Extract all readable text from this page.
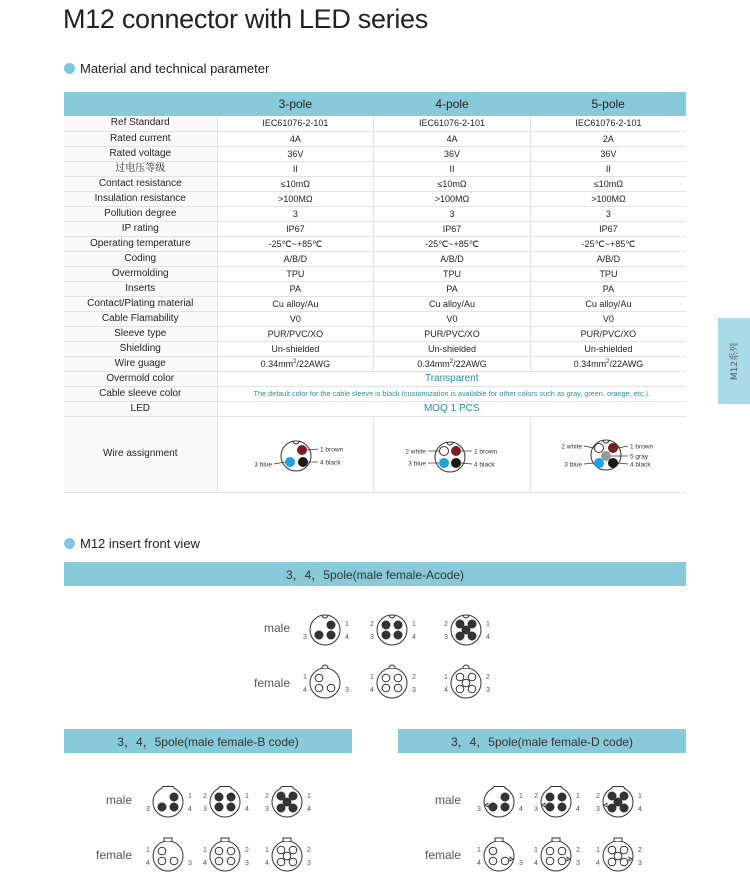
M12 connector with LED series
Material and technical parameter
	3-pole	4-pole	5-pole
Ref Standard	IEC61076-2-101	IEC61076-2-101	IEC61076-2-101
Rated current	4A	4A	2A
Rated voltage	36V	36V	36V
过电压等级	II	II	II
Contact resistance	≤10mΩ	≤10mΩ	≤10mΩ
Insulation resistance	>100MΩ	>100MΩ	>100MΩ
Pollution degree	3	3	3
IP rating	IP67	IP67	IP67
Operating temperature	-25℃~+85℃	-25℃~+85℃	-25℃~+85℃
Coding	A/B/D	A/B/D	A/B/D
Overmolding	TPU	TPU	TPU
Inserts	PA	PA	PA
Contact/Plating material	Cu alloy/Au	Cu alloy/Au	Cu alloy/Au
Cable Flamability	V0	V0	V0
Sleeve type	PUR/PVC/XO	PUR/PVC/XO	PUR/PVC/XO
Shielding	Un-shielded	Un-shielded	Un-shielded
Wire guage	$0.34mm^2/22AWG$	$0.34mm^2/22AWG$	$0.34mm^2/22AWG$
Overmold color	Transparent		
Cable sleeve color	The default color for the cable sleeve is black (customization is available for other colors such as gray, green, orange, etc.).		
LED	MOQ 1 PCS		
Wire assignment			
M12系列
M12 insert front view
3，4，5pole(male female-Acode)
3，4，5pole(male female-B code)	3，4，5pole(male female-D code)
male
female
male
female
male
female
1 brown
3 blue	4 black
2 white	1 brown
3 blue	4 black
2 white	1 brown
5 gray
3 blue	4 black
1
3	4
1
4	3
2	1
3	4
1	2
4	3
2	1
3	4
1	2
4	3
1
3	4
1
4	3
2	1
3	4
1	2
4	3
2	1
3	4
1	2
4	3
1
3	4
1
4	3
2	1
3	4
1	2
4	3
2	1
3	4
1	2
4	3
